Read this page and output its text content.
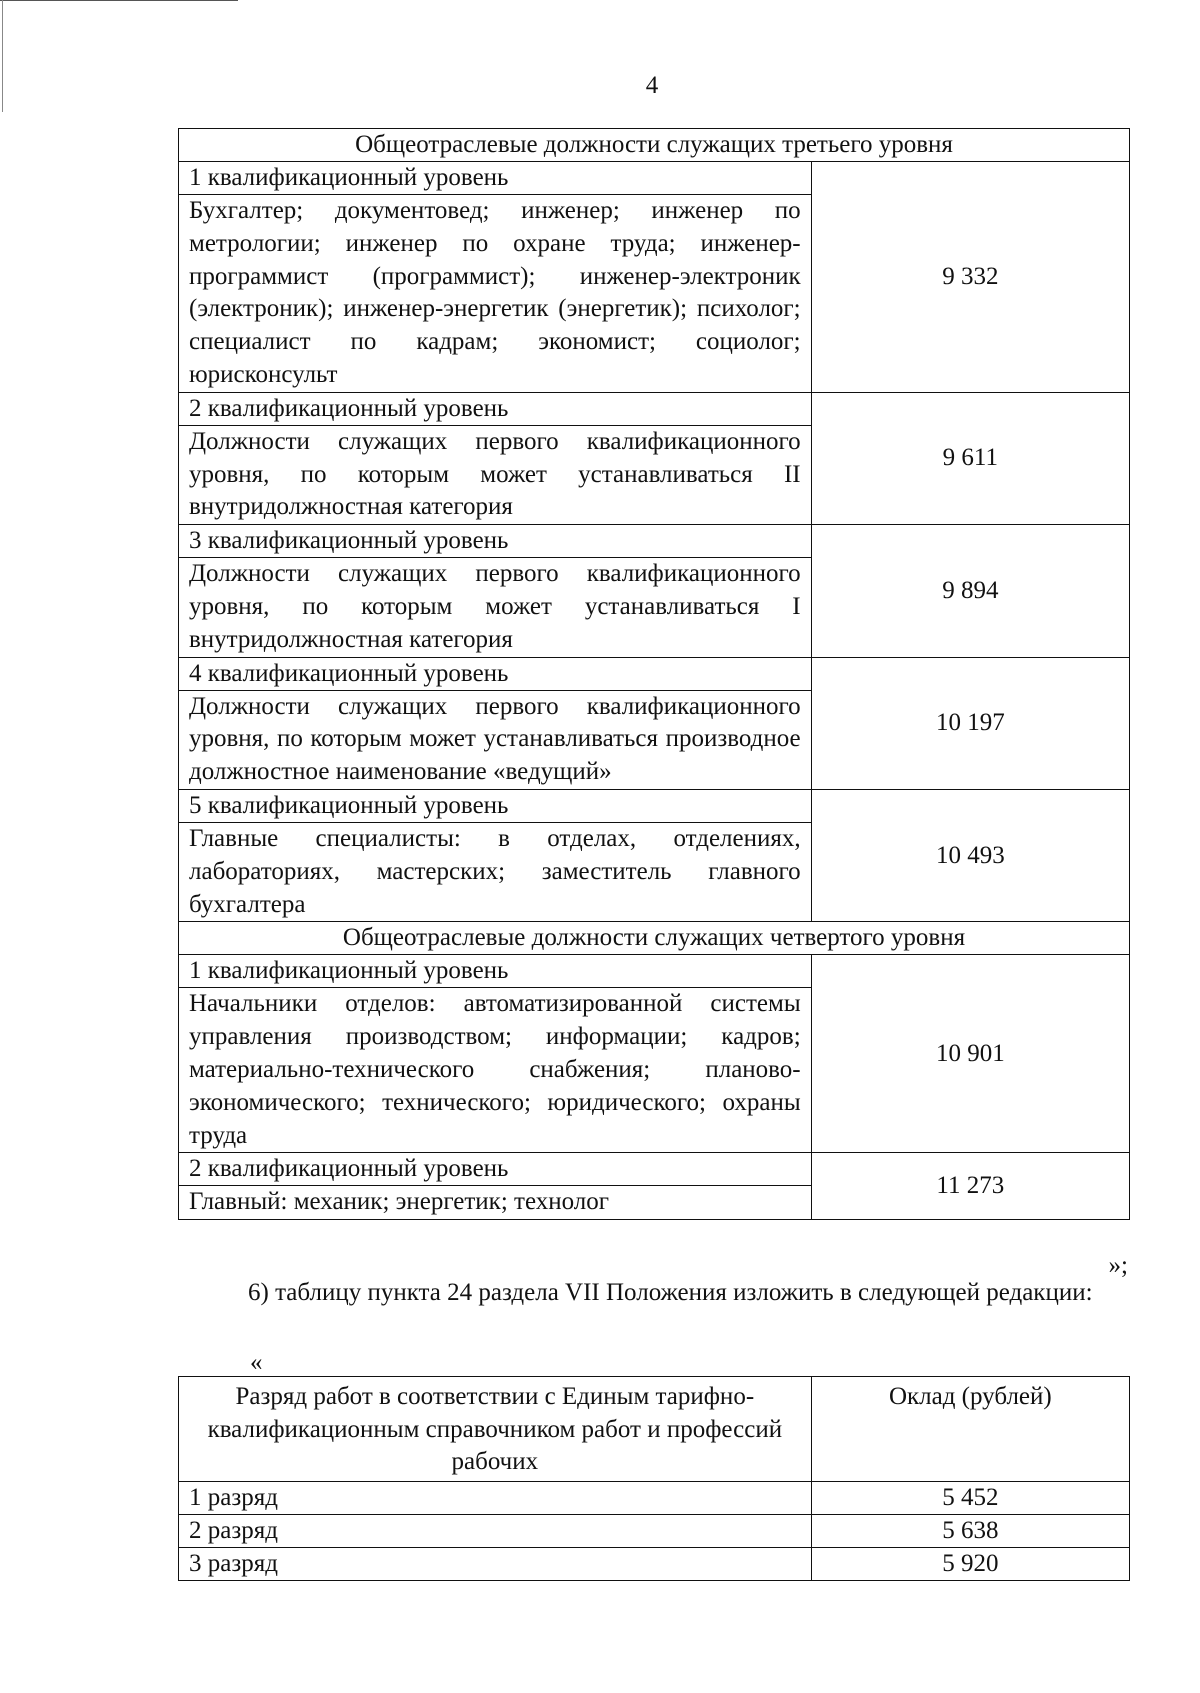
4
Общеотраслевые должности служащих третьего уровня	
1 квалификационный уровень	9 332
Бухгалтер; документовед; инженер; инженер по метрологии; инженер по охране труда; инженер-программист (программист); инженер-электроник (электроник); инженер-энергетик (энергетик); психолог; специалист по кадрам; экономист; социолог; юрисконсульт	
2 квалификационный уровень	9 611
Должности служащих первого квалификационного уровня, по которым может устанавливаться II внутридолжностная категория	
3 квалификационный уровень	9 894
Должности служащих первого квалификационного уровня, по которым может устанавливаться I внутридолжностная категория	
4 квалификационный уровень	10 197
Должности служащих первого квалификационного уровня, по которым может устанавливаться производное должностное наименование «ведущий»	
5 квалификационный уровень	10 493
Главные специалисты: в отделах, отделениях, лабораториях, мастерских; заместитель главного бухгалтера	
Общеотраслевые должности служащих четвертого уровня	
1 квалификационный уровень	10 901
Начальники отделов: автоматизированной системы управления производством; информации; кадров; материально-технического снабжения; планово-экономического; технического; юридического; охраны труда	
2 квалификационный уровень	11 273
Главный: механик; энергетик; технолог	
»;
6) таблицу пункта 24 раздела VII Положения изложить в следующей редакции:
«
Разряд работ в соответствии с Единым тарифно-квалификационным справочником работ и профессий рабочих	Оклад (рублей)
1 разряд	5 452
2 разряд	5 638
3 разряд	5 920
